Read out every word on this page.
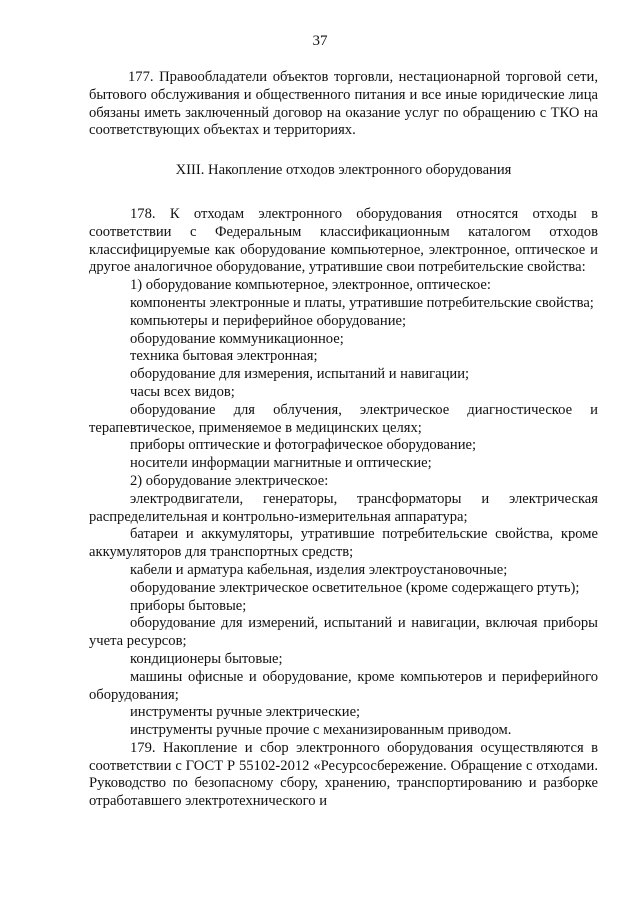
37

177. Правообладатели объектов торговли, нестационарной торговой сети, бытового обслуживания и общественного питания и все иные юридические лица обязаны иметь заключенный договор на оказание услуг по обращению с ТКО на соответствующих объектах и территориях.

XIII. Накопление отходов электронного оборудования

178. К отходам электронного оборудования относятся отходы в соответствии с Федеральным классификационным каталогом отходов классифицируемые как оборудование компьютерное, электронное, оптическое и другое аналогичное оборудование, утратившие свои потребительские свойства:

1) оборудование компьютерное, электронное, оптическое:

компоненты электронные и платы, утратившие потребительские свойства;

компьютеры и периферийное оборудование;

оборудование коммуникационное;

техника бытовая электронная;

оборудование для измерения, испытаний и навигации;

часы всех видов;

оборудование для облучения, электрическое диагностическое и терапевтическое, применяемое в медицинских целях;

приборы оптические и фотографическое оборудование;

носители информации магнитные и оптические;

2) оборудование электрическое:

электродвигатели, генераторы, трансформаторы и электрическая распределительная и контрольно-измерительная аппаратура;

батареи и аккумуляторы, утратившие потребительские свойства, кроме аккумуляторов для транспортных средств;

кабели и арматура кабельная, изделия электроустановочные;

оборудование электрическое осветительное (кроме содержащего ртуть);

приборы бытовые;

оборудование для измерений, испытаний и навигации, включая приборы учета ресурсов;

кондиционеры бытовые;

машины офисные и оборудование, кроме компьютеров и периферийного оборудования;

инструменты ручные электрические;

инструменты ручные прочие с механизированным приводом.

179. Накопление и сбор электронного оборудования осуществляются в соответствии с ГОСТ Р 55102-2012 «Ресурсосбережение. Обращение с отходами. Руководство по безопасному сбору, хранению, транспортированию и разборке отработавшего электротехнического и
